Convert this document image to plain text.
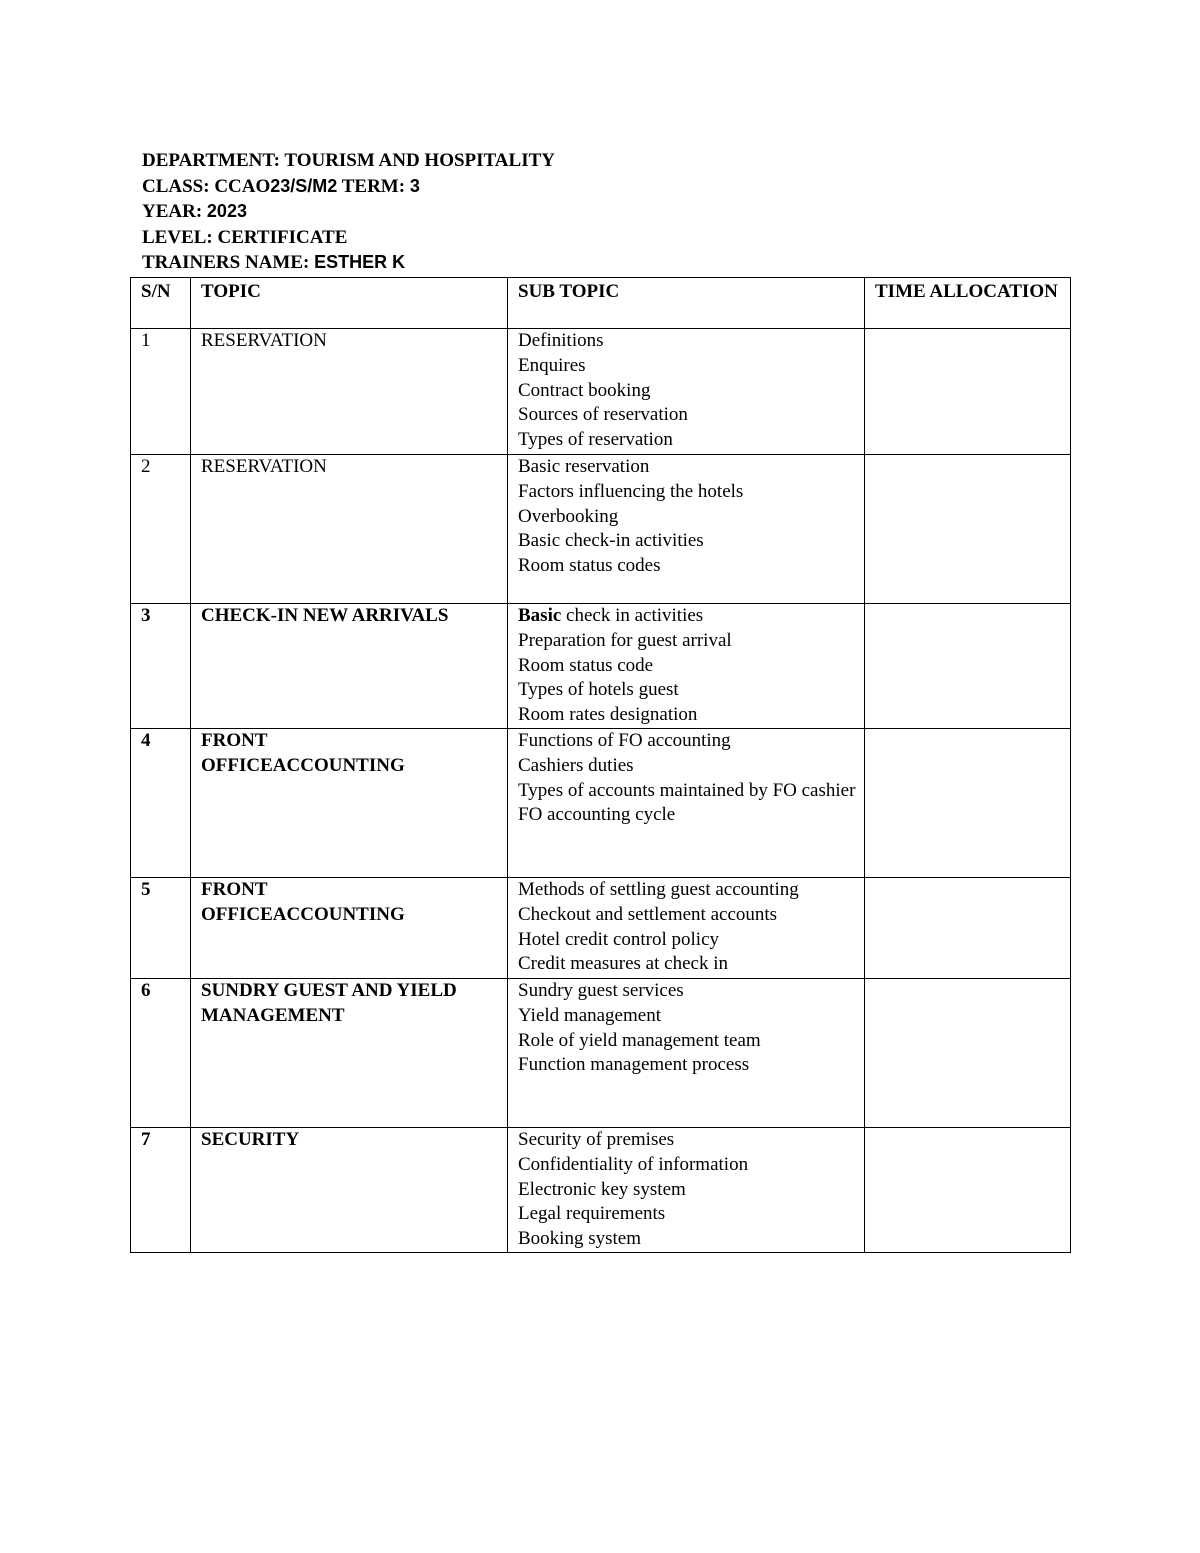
DEPARTMENT: TOURISM AND HOSPITALITY
CLASS: CCAO23/S/M2 TERM: 3
YEAR: 2023
LEVEL: CERTIFICATE
TRAINERS NAME: ESTHER K
S/N	TOPIC	SUB TOPIC	TIME ALLOCATION
1	RESERVATION	Definitions
Enquires
Contract booking
Sources of reservation
Types of reservation	

2	RESERVATION	Basic reservation
Factors influencing the hotels
Overbooking
Basic check-in activities
Room status codes	

3	CHECK-IN NEW ARRIVALS	Basic check in activities
Preparation for guest arrival
Room status code
Types of hotels guest
Room rates designation	

4	FRONT OFFICEACCOUNTING	Functions of FO accounting
Cashiers duties
Types of accounts maintained by FO cashier
FO accounting cycle	

5	FRONT OFFICEACCOUNTING	Methods of settling guest accounting
Checkout and settlement accounts
Hotel credit control policy
Credit measures at check in	

6	SUNDRY GUEST AND YIELD MANAGEMENT	Sundry guest services
Yield management
Role of yield management team
Function management process	

7	SECURITY	Security of premises
Confidentiality of information
Electronic key system
Legal requirements
Booking system	
